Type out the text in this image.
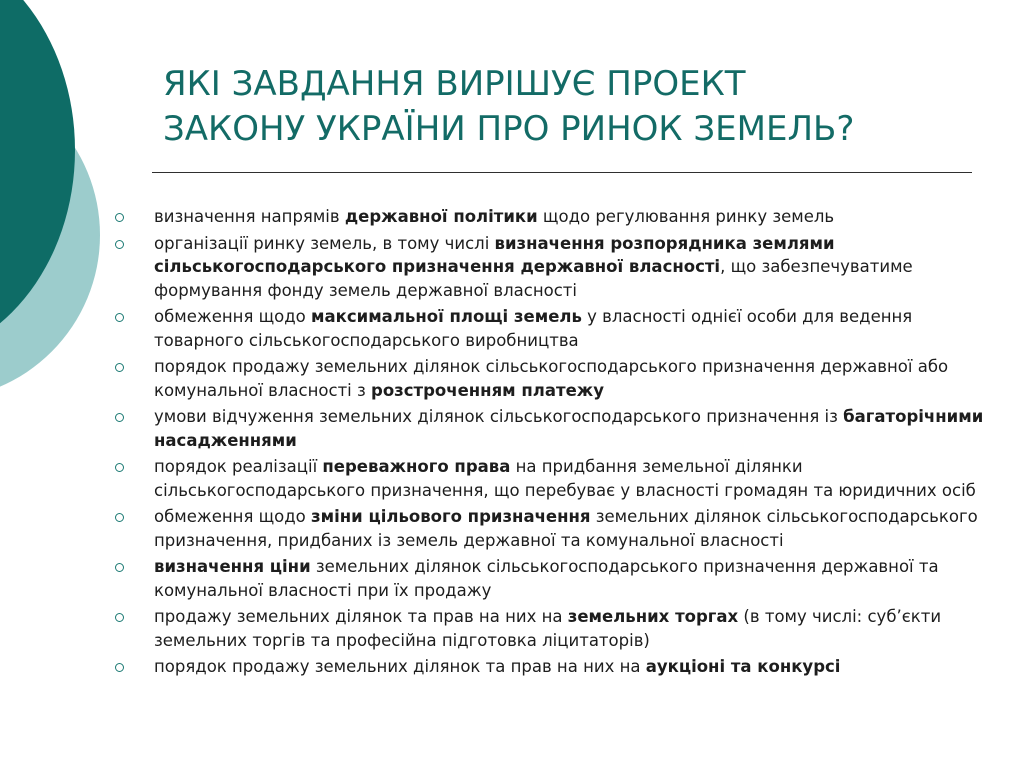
ЯКІ ЗАВДАННЯ ВИРІШУЄ ПРОЕКТ
ЗАКОНУ УКРАЇНИ ПРО РИНОК ЗЕМЕЛЬ?
визначення напрямів державної політики щодо регулювання ринку земель
організації ринку земель, в тому числі визначення розпорядника землями сільськогосподарського призначення державної власності, що забезпечуватиме формування фонду земель державної власності
обмеження щодо максимальної площі земель у власності однієї особи для ведення товарного сільськогосподарського виробництва
порядок продажу земельних ділянок сільськогосподарського призначення державної або комунальної власності з розстроченням платежу
умови відчуження земельних ділянок сільськогосподарського призначення із багаторічними насадженнями
порядок реалізації переважного права на придбання земельної ділянки сільськогосподарського призначення, що перебуває у власності громадян та юридичних осіб
обмеження щодо зміни цільового призначення земельних ділянок сільськогосподарського призначення, придбаних із земель державної та комунальної власності
визначення ціни земельних ділянок сільськогосподарського призначення державної та комунальної власності при їх продажу
продажу земельних ділянок та прав на них на земельних торгах (в тому числі: суб’єкти земельних торгів та професійна підготовка ліцитаторів)
порядок продажу земельних ділянок та прав на них на аукціоні та конкурсі
